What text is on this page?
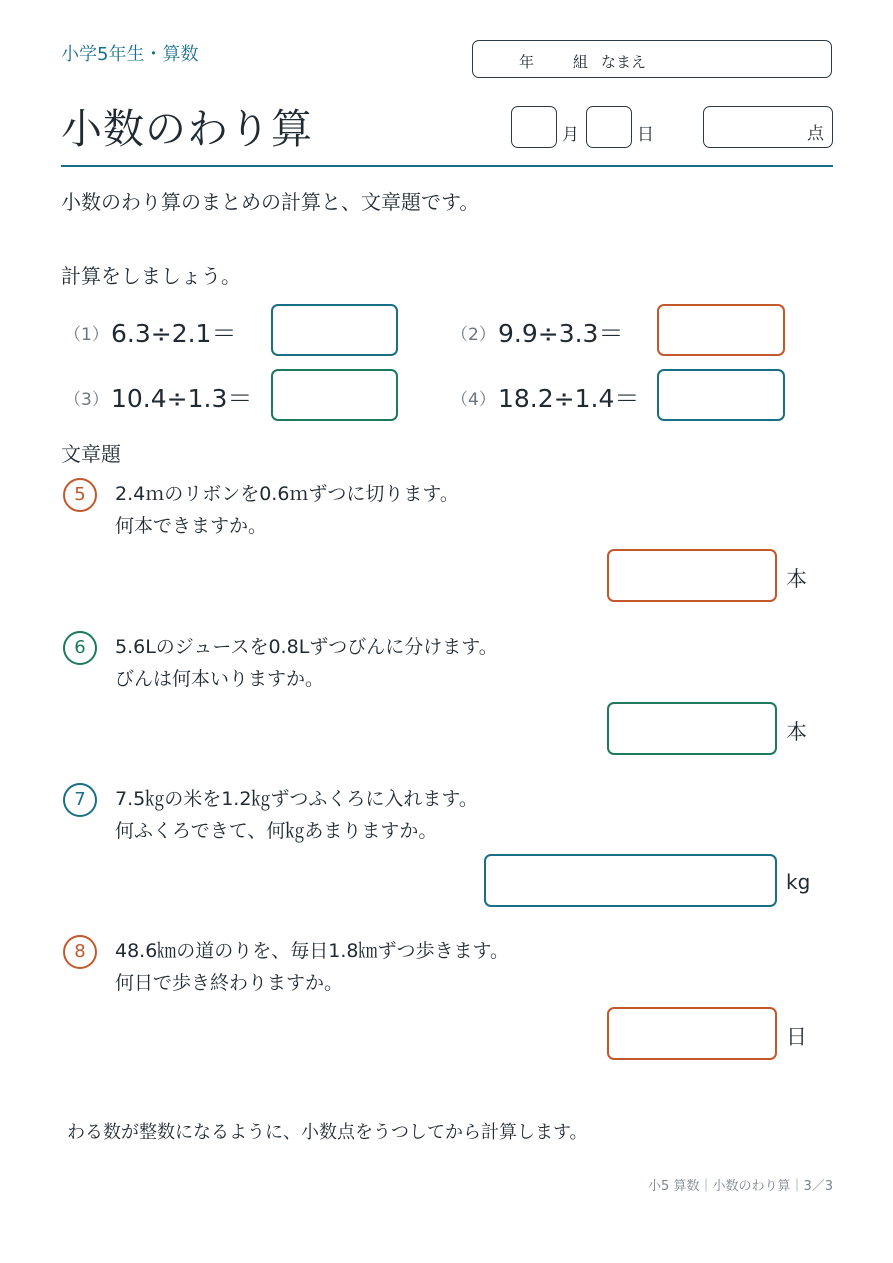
小学5年生・算数	年	組 なまえ
小数のわり算	月	日	点
小数のわり算のまとめの計算と、文章題です。
計算をしましょう。
（1） 6.3÷2.1＝	（2） 9.9÷3.3＝
（3） 10.4÷1.3＝	（4） 18.2÷1.4＝
文章題
5	2.4ｍのリボンを0.6ｍずつに切ります。
何本できますか。
本
6	5.6Lのジュースを0.8Lずつびんに分けます。
びんは何本いりますか。
本
7	7.5㎏の米を1.2㎏ずつふくろに入れます。
何ふくろできて、何㎏あまりますか。
kg
8	48.6㎞の道のりを、毎日1.8㎞ずつ歩きます。
何日で歩き終わりますか。
日
わる数が整数になるように、小数点をうつしてから計算します。
小5 算数｜小数のわり算｜3／3
